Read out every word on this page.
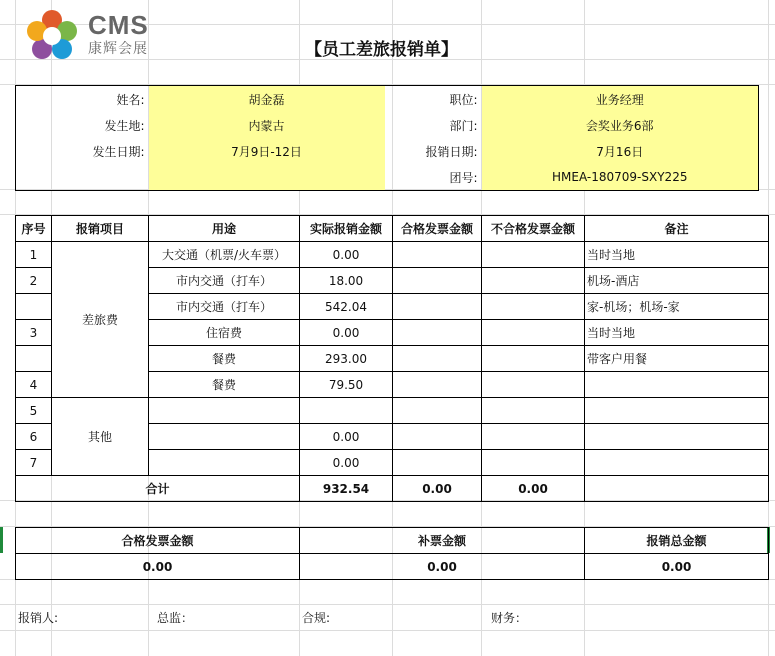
CMS
康辉会展	【员工差旅报销单】
	姓名:	胡金磊	职位:	业务经理
	发生地:	内蒙古	部门:	会奖业务6部
	发生日期:	7月9日-12日	报销日期:	7月16日
			团号:	HMEA-180709-SXY225
序号	报销项目	用途	实际报销金额	合格发票金额	不合格发票金额	备注
1	差旅费	大交通（机票/火车票）	0.00			当时当地
2		市内交通（打车）	18.00			机场-酒店
		市内交通（打车）	542.04			家-机场；机场-家
3		住宿费	0.00			当时当地
		餐费	293.00			带客户用餐
4		餐费	79.50			
5	其他					
6			0.00			
7			0.00			
合计			932.54	0.00	0.00	
合格发票金额	补票金额	报销总金额
0.00	0.00	0.00
报销人:	总监：	合规:	财务：
